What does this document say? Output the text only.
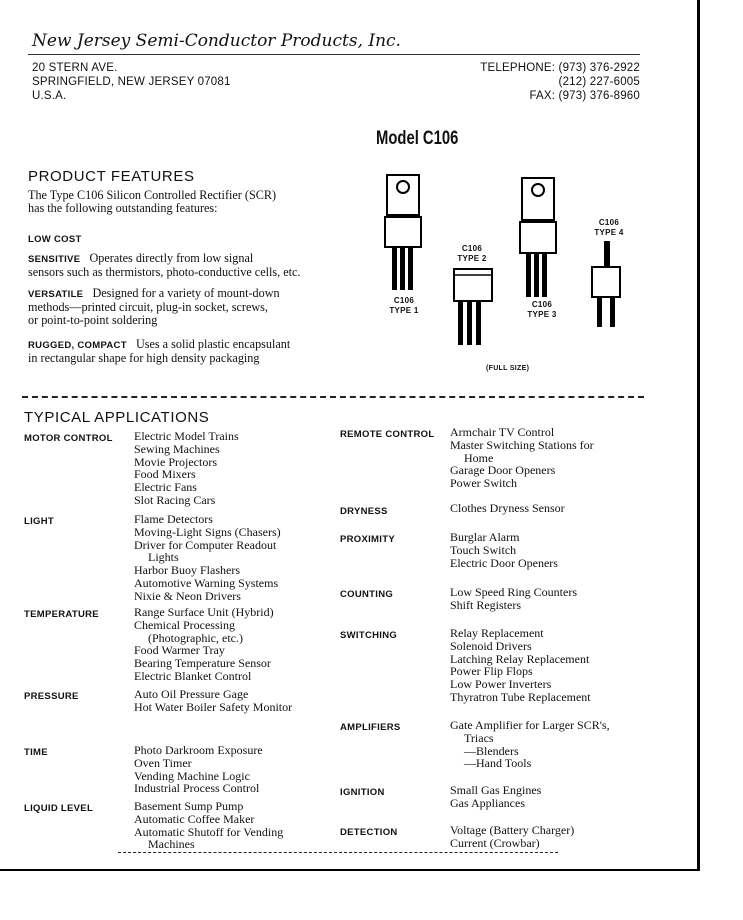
New Jersey Semi-Conductor Products, Inc.
20 STERN AVE.
SPRINGFIELD, NEW JERSEY 07081
U.S.A.
TELEPHONE: (973) 376-2922
(212) 227-6005
FAX: (973) 376-8960
Model C106
PRODUCT FEATURES
The Type C106 Silicon Controlled Rectifier (SCR)
has the following outstanding features:
LOW COST
SENSITIVE Operates directly from low signal
sensors such as thermistors, photo-conductive cells, etc.
VERSATILE Designed for a variety of mount-down
methods—printed circuit, plug-in socket, screws,
or point-to-point soldering
RUGGED, COMPACT Uses a solid plastic encapsulant
in rectangular shape for high density packaging
C106
TYPE 1
C106
TYPE 2
C106
TYPE 3
C106
TYPE 4
(FULL SIZE)
TYPICAL APPLICATIONS
MOTOR CONTROL Electric Model Trains
Sewing Machines
Movie Projectors
Food Mixers
Electric Fans
Slot Racing Cars
LIGHT	Flame Detectors
Moving-Light Signs (Chasers)
Driver for Computer Readout
Lights
Harbor Buoy Flashers
Automotive Warning Systems
Nixie & Neon Drivers
TEMPERATURE	Range Surface Unit (Hybrid)
Chemical Processing
(Photographic, etc.)
Food Warmer Tray
Bearing Temperature Sensor
Electric Blanket Control
PRESSURE	Auto Oil Pressure Gage
Hot Water Boiler Safety Monitor
TIME	Photo Darkroom Exposure
Oven Timer
Vending Machine Logic
Industrial Process Control
LIQUID LEVEL	Basement Sump Pump
Automatic Coffee Maker
Automatic Shutoff for Vending
Machines
REMOTE CONTROL Armchair TV Control
Master Switching Stations for
Home
Garage Door Openers
Power Switch
DRYNESS	Clothes Dryness Sensor
PROXIMITY	Burglar Alarm
Touch Switch
Electric Door Openers
COUNTING	Low Speed Ring Counters
Shift Registers
SWITCHING	Relay Replacement
Solenoid Drivers
Latching Relay Replacement
Power Flip Flops
Low Power Inverters
Thyratron Tube Replacement
AMPLIFIERS	Gate Amplifier for Larger SCR's,
Triacs
—Blenders
—Hand Tools
IGNITION	Small Gas Engines
Gas Appliances
DETECTION	Voltage (Battery Charger)
Current (Crowbar)
